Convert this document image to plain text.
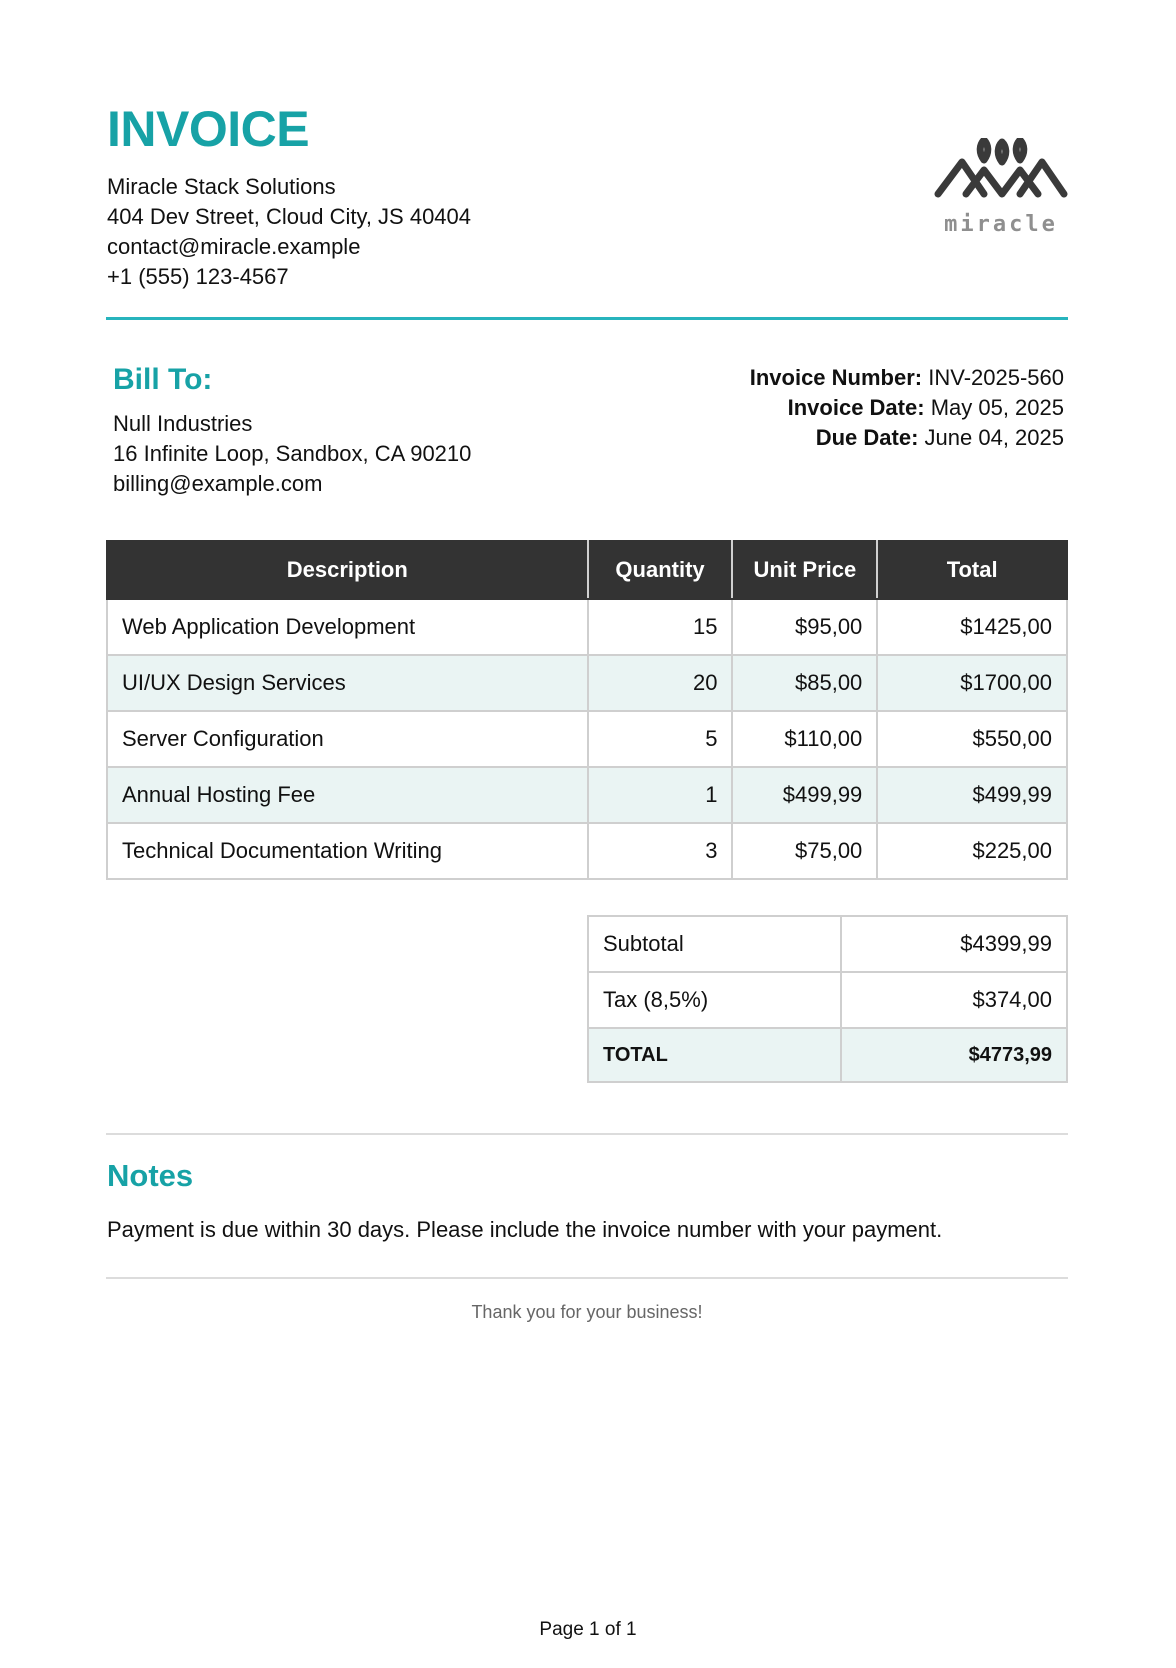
INVOICE
Miracle Stack Solutions
404 Dev Street, Cloud City, JS 40404
contact@miracle.example
+1 (555) 123-4567
miracle
Bill To:
Null Industries
16 Infinite Loop, Sandbox, CA 90210
billing@example.com
Invoice Number: INV-2025-560
Invoice Date: May 05, 2025
Due Date: June 04, 2025
Description	Quantity	Unit Price	Total
Web Application Development	15	$95,00	$1425,00
UI/UX Design Services	20	$85,00	$1700,00
Server Configuration	5	$110,00	$550,00
Annual Hosting Fee	1	$499,99	$499,99
Technical Documentation Writing	3	$75,00	$225,00
Subtotal	$4399,99
Tax (8,5%)	$374,00
TOTAL	$4773,99
Notes
Payment is due within 30 days. Please include the invoice number with your payment.
Thank you for your business!
Page 1 of 1
